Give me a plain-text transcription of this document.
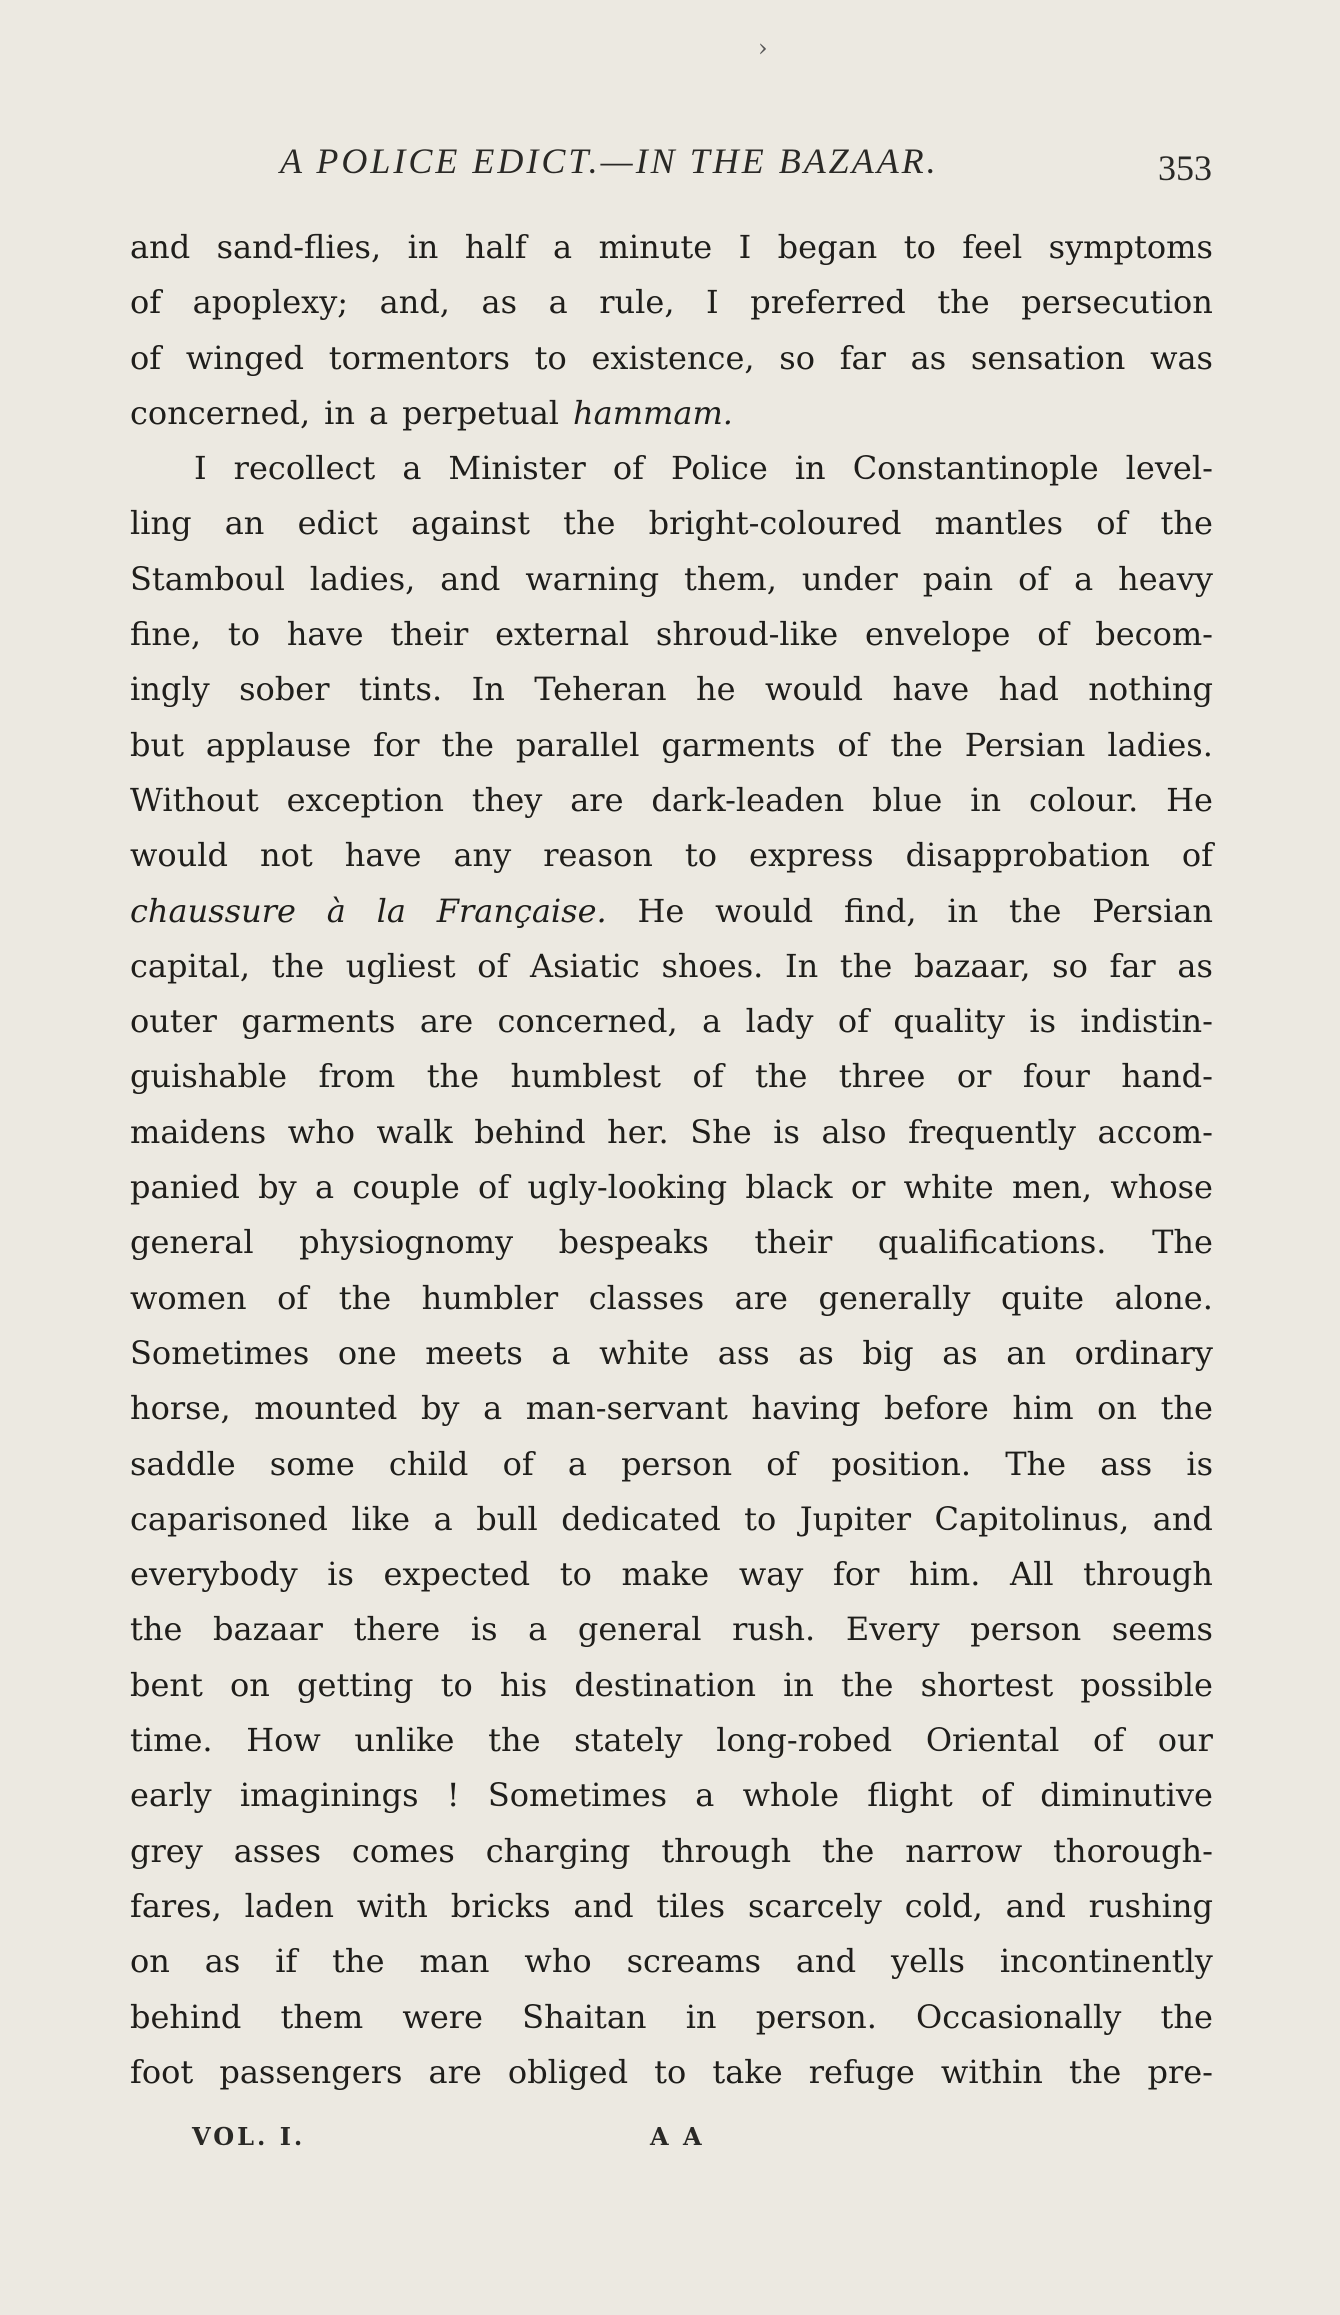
›
A POLICE EDICT.—IN THE BAZAAR.	353
and sand-flies, in half a minute I began to feel symptoms
of apoplexy; and, as a rule, I preferred the persecution
of winged tormentors to existence, so far as sensation was
concerned, in a perpetual hammam.
I recollect a Minister of Police in Constantinople level-
ling an edict against the bright-coloured mantles of the
Stamboul ladies, and warning them, under pain of a heavy
fine, to have their external shroud-like envelope of becom-
ingly sober tints. In Teheran he would have had nothing
but applause for the parallel garments of the Persian ladies.
Without exception they are dark-leaden blue in colour. He
would not have any reason to express disapprobation of
chaussure à la Française. He would find, in the Persian
capital, the ugliest of Asiatic shoes. In the bazaar, so far as
outer garments are concerned, a lady of quality is indistin-
guishable from the humblest of the three or four hand-
maidens who walk behind her. She is also frequently accom-
panied by a couple of ugly-looking black or white men, whose
general physiognomy bespeaks their qualifications. The
women of the humbler classes are generally quite alone.
Sometimes one meets a white ass as big as an ordinary
horse, mounted by a man-servant having before him on the
saddle some child of a person of position. The ass is
caparisoned like a bull dedicated to Jupiter Capitolinus, and
everybody is expected to make way for him. All through
the bazaar there is a general rush. Every person seems
bent on getting to his destination in the shortest possible
time. How unlike the stately long-robed Oriental of our
early imaginings ! Sometimes a whole flight of diminutive
grey asses comes charging through the narrow thorough-
fares, laden with bricks and tiles scarcely cold, and rushing
on as if the man who screams and yells incontinently
behind them were Shaitan in person. Occasionally the
foot passengers are obliged to take refuge within the pre-
VOL. I.	A A
